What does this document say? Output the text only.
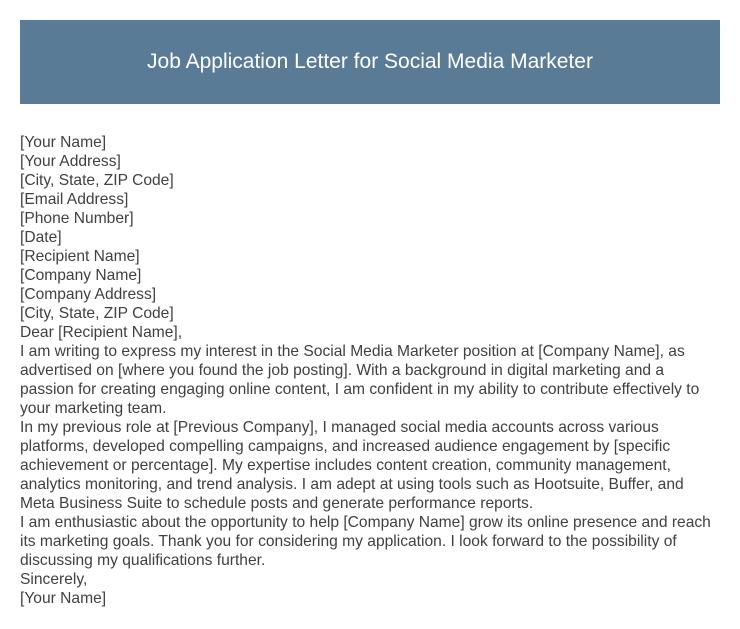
Job Application Letter for Social Media Marketer
[Your Name]
[Your Address]
[City, State, ZIP Code]
[Email Address]
[Phone Number]
[Date]
[Recipient Name]
[Company Name]
[Company Address]
[City, State, ZIP Code]
Dear [Recipient Name],
I am writing to express my interest in the Social Media Marketer position at [Company Name], as advertised on [where you found the job posting]. With a background in digital marketing and a passion for creating engaging online content, I am confident in my ability to contribute effectively to your marketing team.
In my previous role at [Previous Company], I managed social media accounts across various platforms, developed compelling campaigns, and increased audience engagement by [specific achievement or percentage]. My expertise includes content creation, community management, analytics monitoring, and trend analysis. I am adept at using tools such as Hootsuite, Buffer, and Meta Business Suite to schedule posts and generate performance reports.
I am enthusiastic about the opportunity to help [Company Name] grow its online presence and reach its marketing goals. Thank you for considering my application. I look forward to the possibility of discussing my qualifications further.
Sincerely,
[Your Name]
